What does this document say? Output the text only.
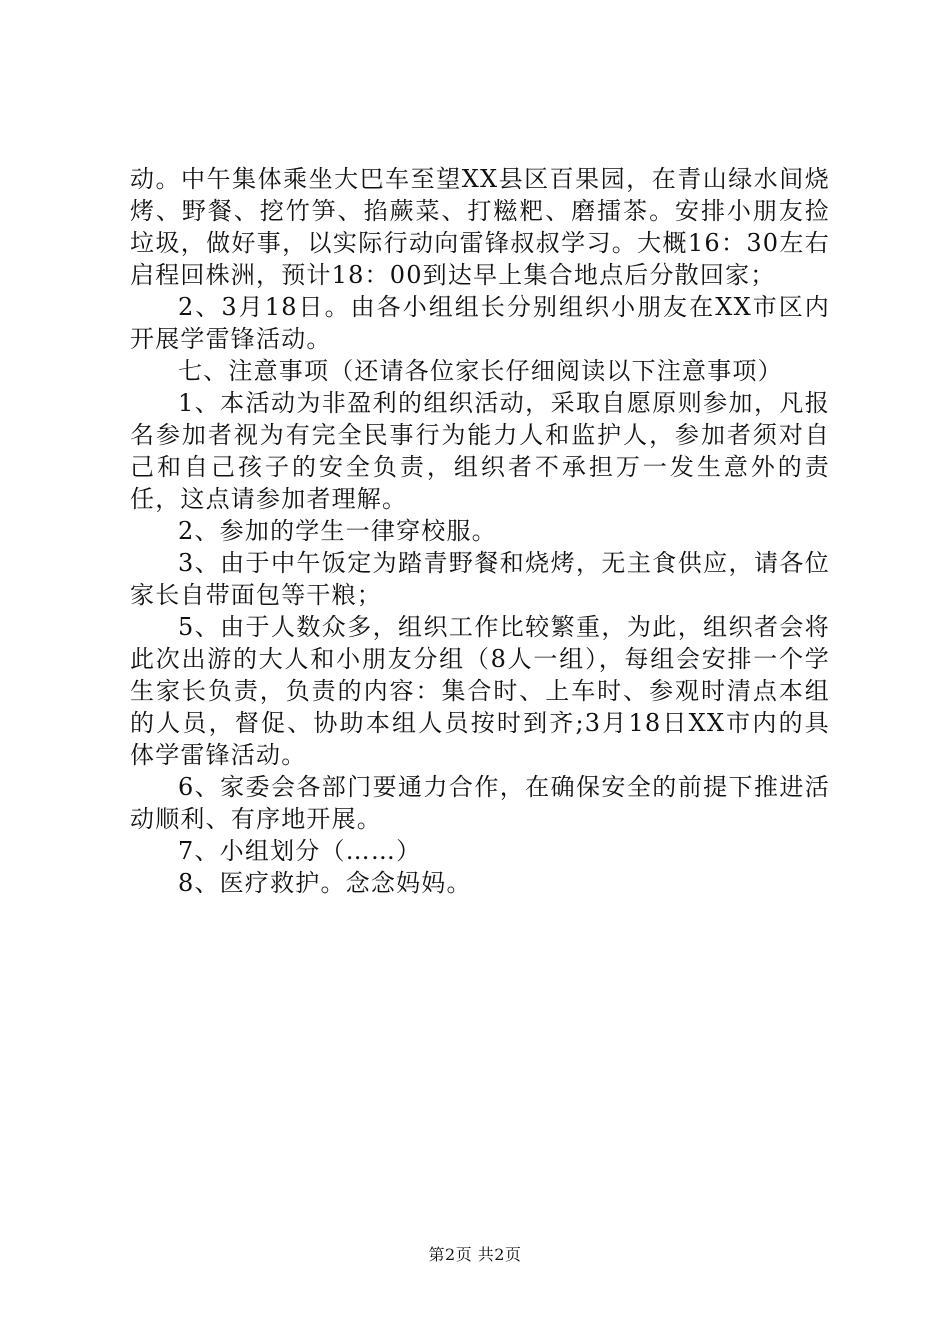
动。中午集体乘坐大巴车至望XX县区百果园，在青山绿水间烧烤、野餐、挖竹笋、掐蕨菜、打糍粑、磨擂茶。安排小朋友捡垃圾，做好事，以实际行动向雷锋叔叔学习。大概16：30左右启程回株洲，预计18：00到达早上集合地点后分散回家；

2、3月18日。由各小组组长分别组织小朋友在XX市区内开展学雷锋活动。

七、注意事项（还请各位家长仔细阅读以下注意事项）

1、本活动为非盈利的组织活动，采取自愿原则参加，凡报名参加者视为有完全民事行为能力人和监护人，参加者须对自己和自己孩子的安全负责，组织者不承担万一发生意外的责任，这点请参加者理解。

2、参加的学生一律穿校服。

3、由于中午饭定为踏青野餐和烧烤，无主食供应，请各位家长自带面包等干粮；

5、由于人数众多，组织工作比较繁重，为此，组织者会将此次出游的大人和小朋友分组（8人一组），每组会安排一个学生家长负责，负责的内容：集合时、上车时、参观时清点本组的人员，督促、协助本组人员按时到齐;3月18日XX市内的具体学雷锋活动。

6、家委会各部门要通力合作，在确保安全的前提下推进活动顺利、有序地开展。

7、小组划分（……）

8、医疗救护。念念妈妈。

第2页 共2页
